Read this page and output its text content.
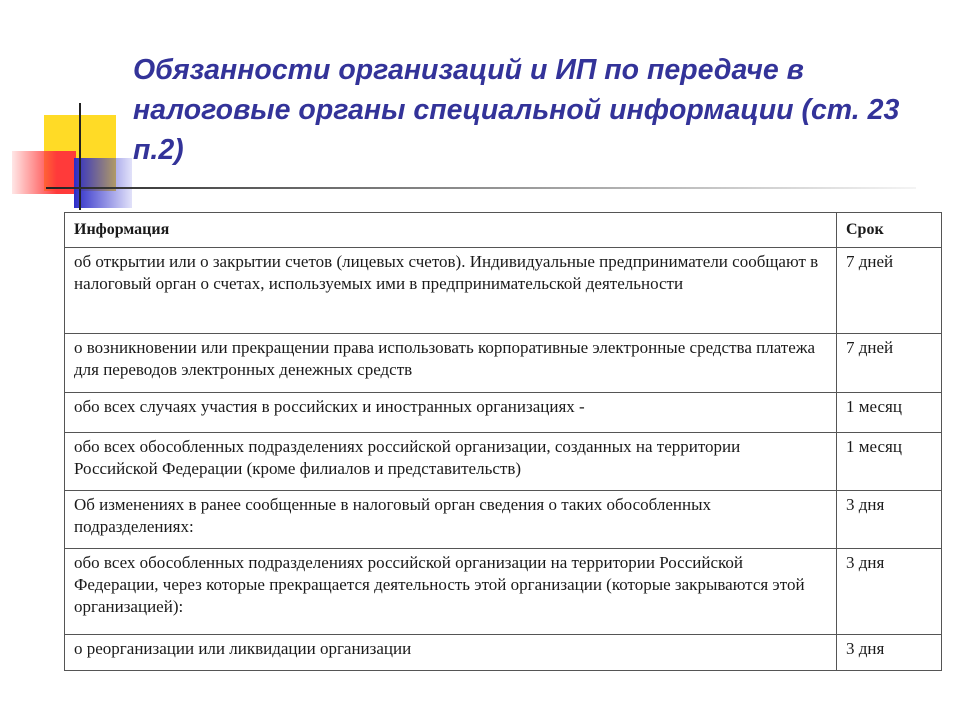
Обязанности организаций и ИП по передаче в налоговые органы специальной информации (ст. 23 п.2)
Информация	Срок
об открытии или о закрытии счетов (лицевых счетов). Индивидуальные предприниматели сообщают в налоговый орган о счетах, используемых ими в предпринимательской деятельности	7 дней
о возникновении или прекращении права использовать корпоративные электронные средства платежа для переводов электронных денежных средств	7 дней
обо всех случаях участия в российских и иностранных организациях -	1 месяц
обо всех обособленных подразделениях российской организации, созданных на территории Российской Федерации (кроме филиалов и представительств)	1 месяц
Об изменениях в ранее сообщенные в налоговый орган сведения о таких обособленных подразделениях:	3 дня
обо всех обособленных подразделениях российской организации на территории Российской Федерации, через которые прекращается деятельность этой организации (которые закрываются этой организацией):	3 дня
о реорганизации или ликвидации организации	3 дня
